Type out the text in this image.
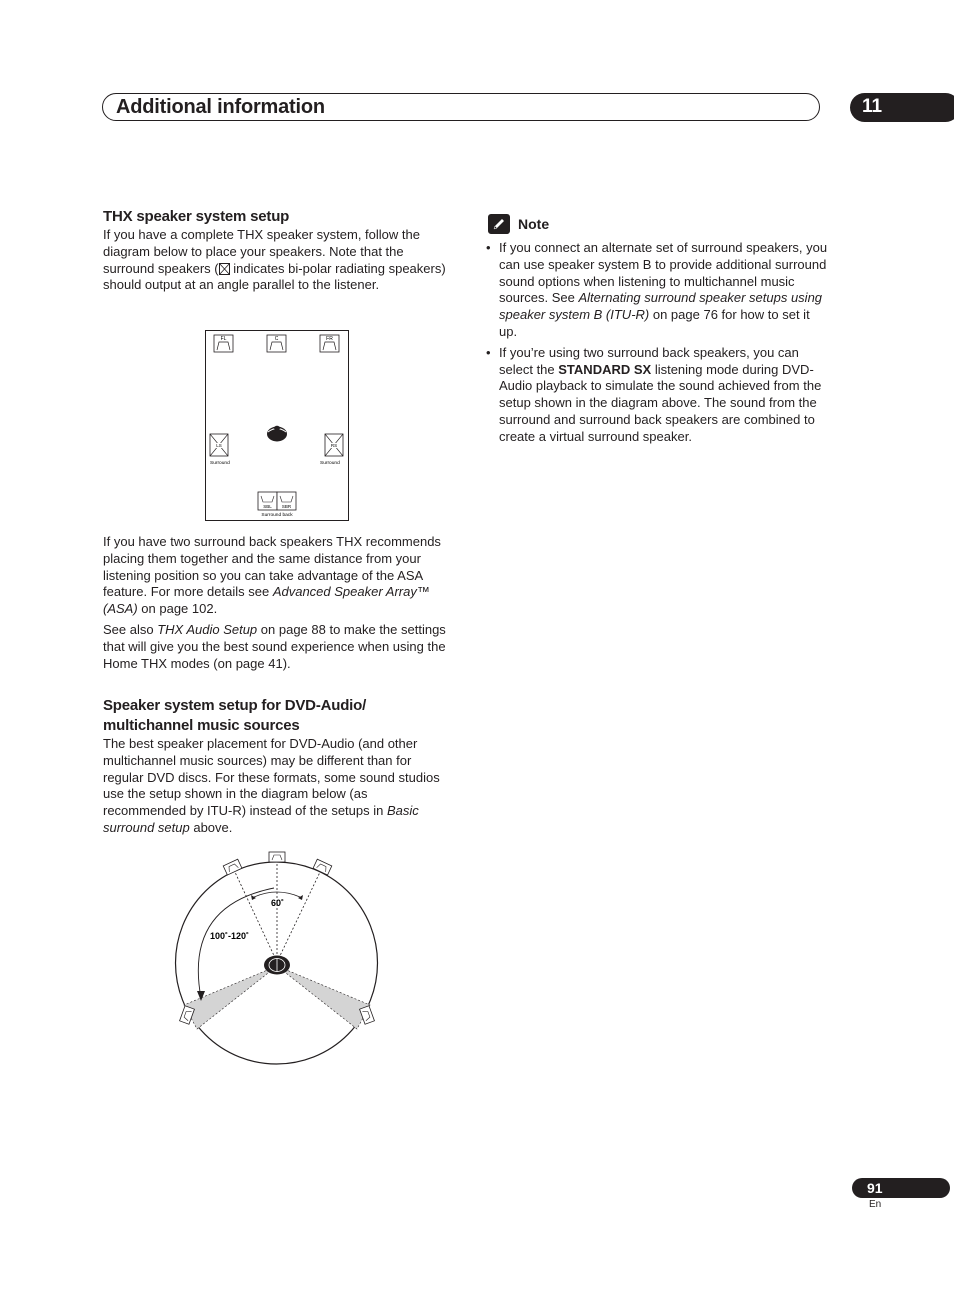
Additional information	11
THX speaker system setup

If you have a complete THX speaker system, follow the diagram below to place your speakers. Note that the surround speakers ( indicates bi-polar radiating speakers) should output at an angle parallel to the listener.

FL	C	FR
LS
Surround
RS
Surround
SBL SBR
Surround back

If you have two surround back speakers THX recommends placing them together and the same distance from your listening position so you can take advantage of the ASA feature. For more details see Advanced Speaker Array™ (ASA) on page 102.

See also THX Audio Setup on page 88 to make the settings that will give you the best sound experience when using the Home THX modes (on page 41).

Speaker system setup for DVD-Audio/ multichannel music sources

The best speaker placement for DVD-Audio (and other multichannel music sources) may be different than for regular DVD discs. For these formats, some sound studios use the setup shown in the diagram below (as recommended by ITU-R) instead of the setups in Basic surround setup above.

60˚
100˚-120˚
Note
• If you connect an alternate set of surround speakers, you can use speaker system B to provide additional surround sound options when listening to multichannel music sources. See Alternating surround speaker setups using speaker system B (ITU-R) on page 76 for how to set it up.
• If you’re using two surround back speakers, you can select the STANDARD SX listening mode during DVD-Audio playback to simulate the sound achieved from the setup shown in the diagram above. The sound from the surround and surround back speakers are combined to create a virtual surround speaker.
91
En
